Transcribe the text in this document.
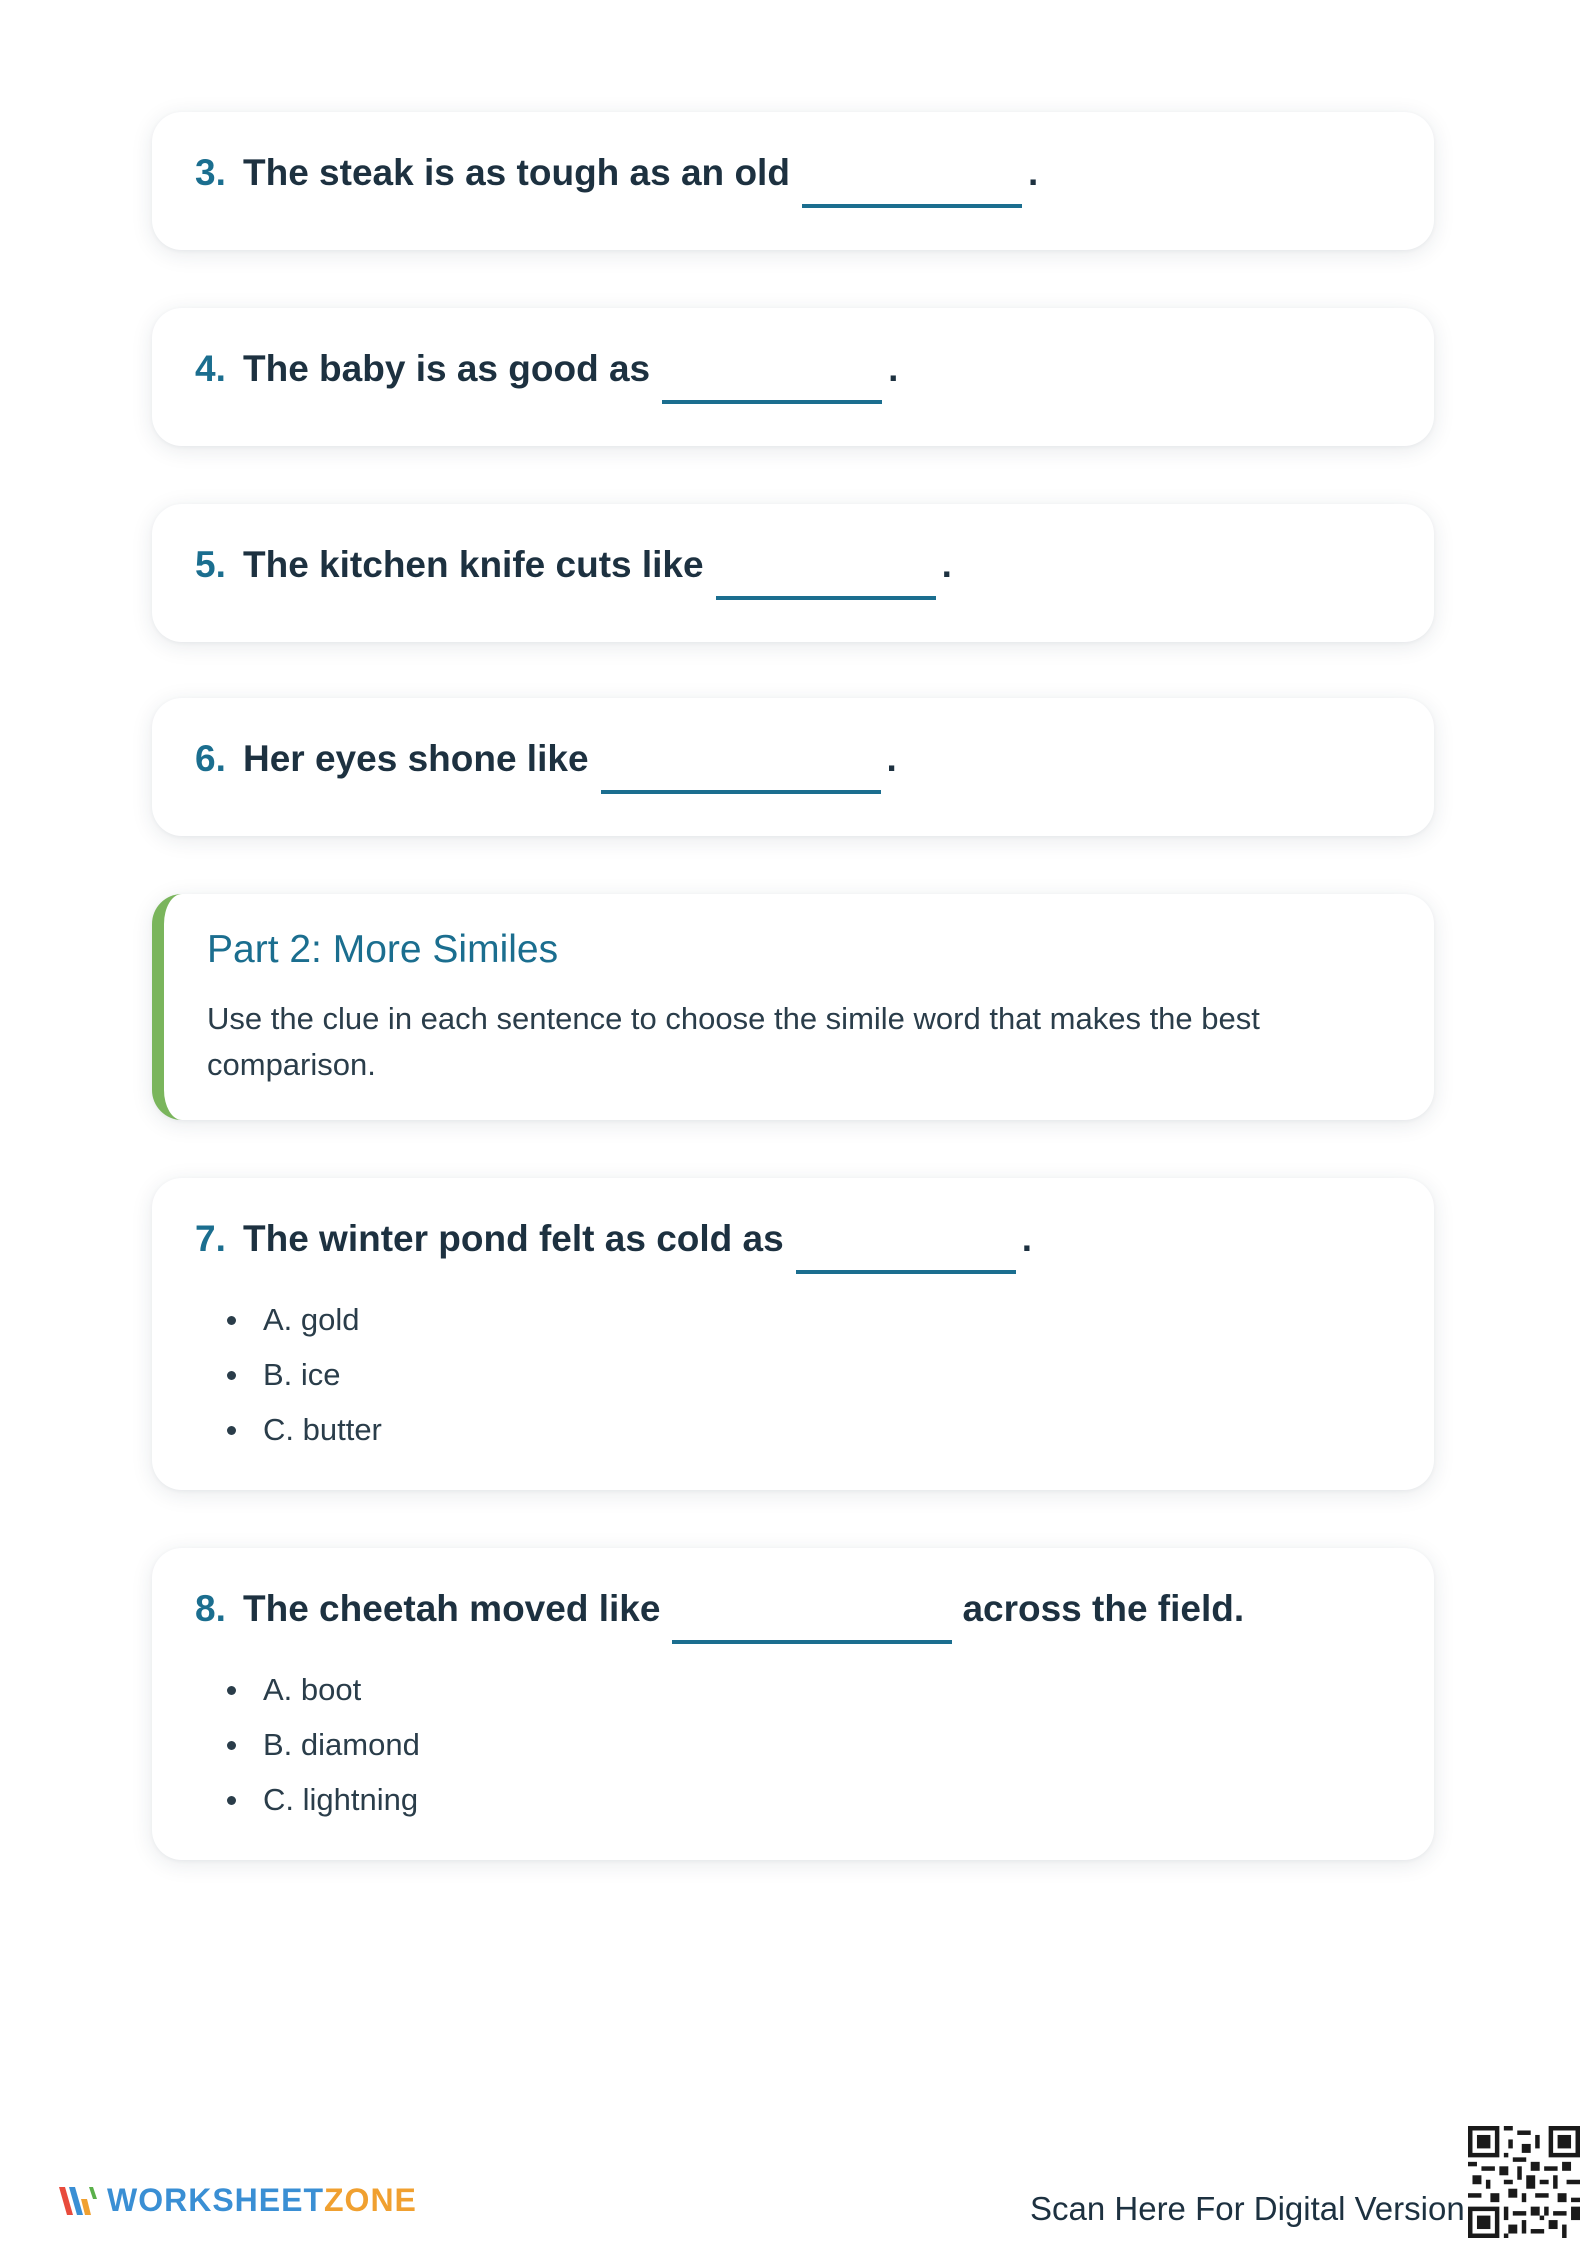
3. The steak is as tough as an old	.
4. The baby is as good as	.
5. The kitchen knife cuts like	.
6. Her eyes shone like	.
Part 2: More Similes
Use the clue in each sentence to choose the simile word that makes the best comparison.
7. The winter pond felt as cold as	.
A. gold
B. ice
C. butter
8. The cheetah moved like	across the field.
A. boot
B. diamond
C. lightning
WORKSHEETZONE	Scan Here For Digital Version
